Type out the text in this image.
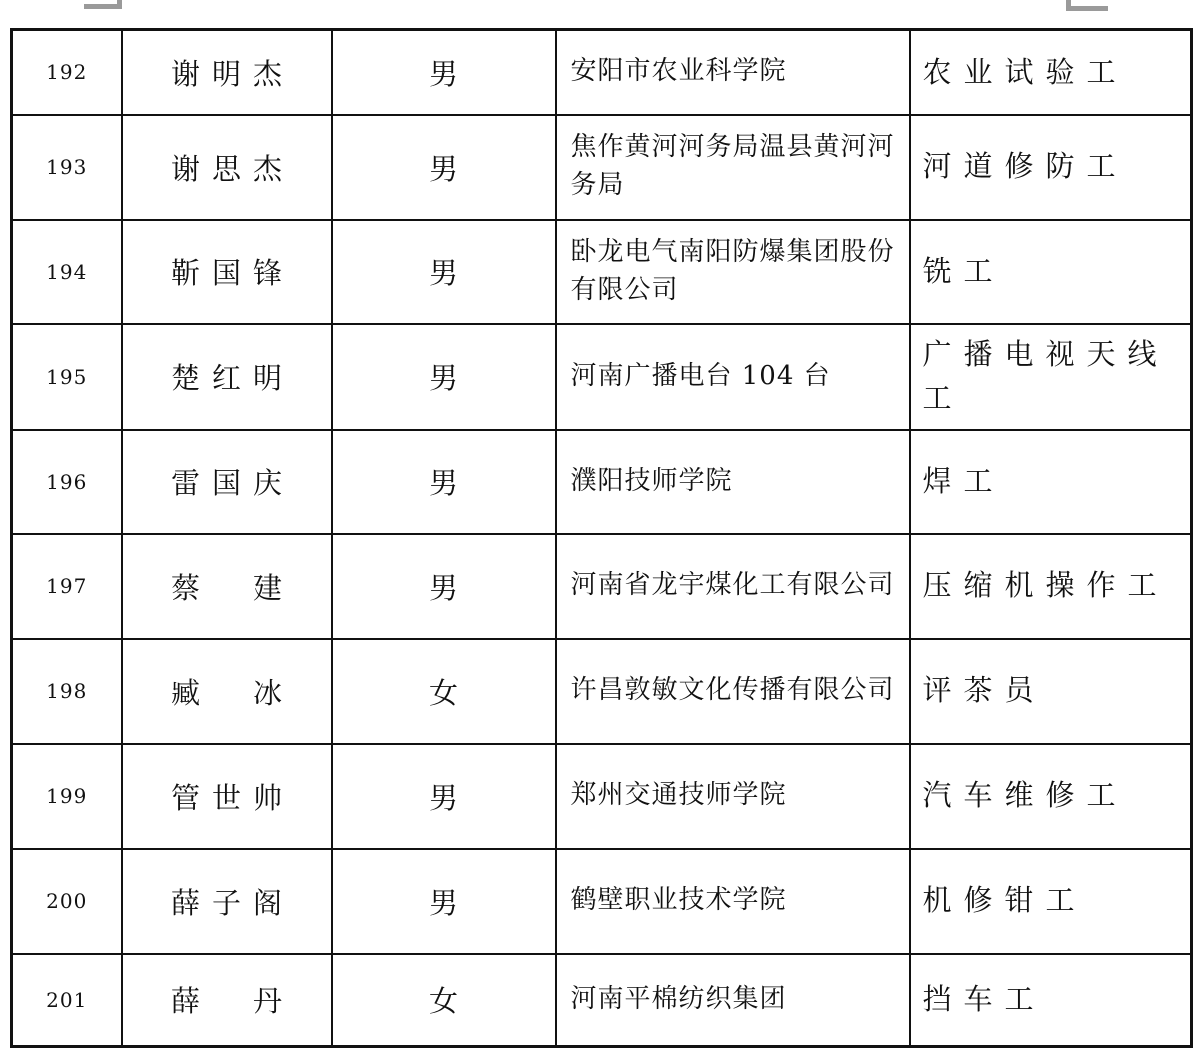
192	谢明杰	男	安阳市农业科学院	农业试验工
193	谢思杰	男	焦作黄河河务局温县黄河河务局	河道修防工
194	靳国锋	男	卧龙电气南阳防爆集团股份有限公司	铣工
195	楚红明	男	河南广播电台 104 台	广播电视天线工
196	雷国庆	男	濮阳技师学院	焊工
197	蔡　建	男	河南省龙宇煤化工有限公司	压缩机操作工
198	臧　冰	女	许昌敦敏文化传播有限公司	评茶员
199	管世帅	男	郑州交通技师学院	汽车维修工
200	薛子阁	男	鹤壁职业技术学院	机修钳工
201	薛　丹	女	河南平棉纺织集团	挡车工
